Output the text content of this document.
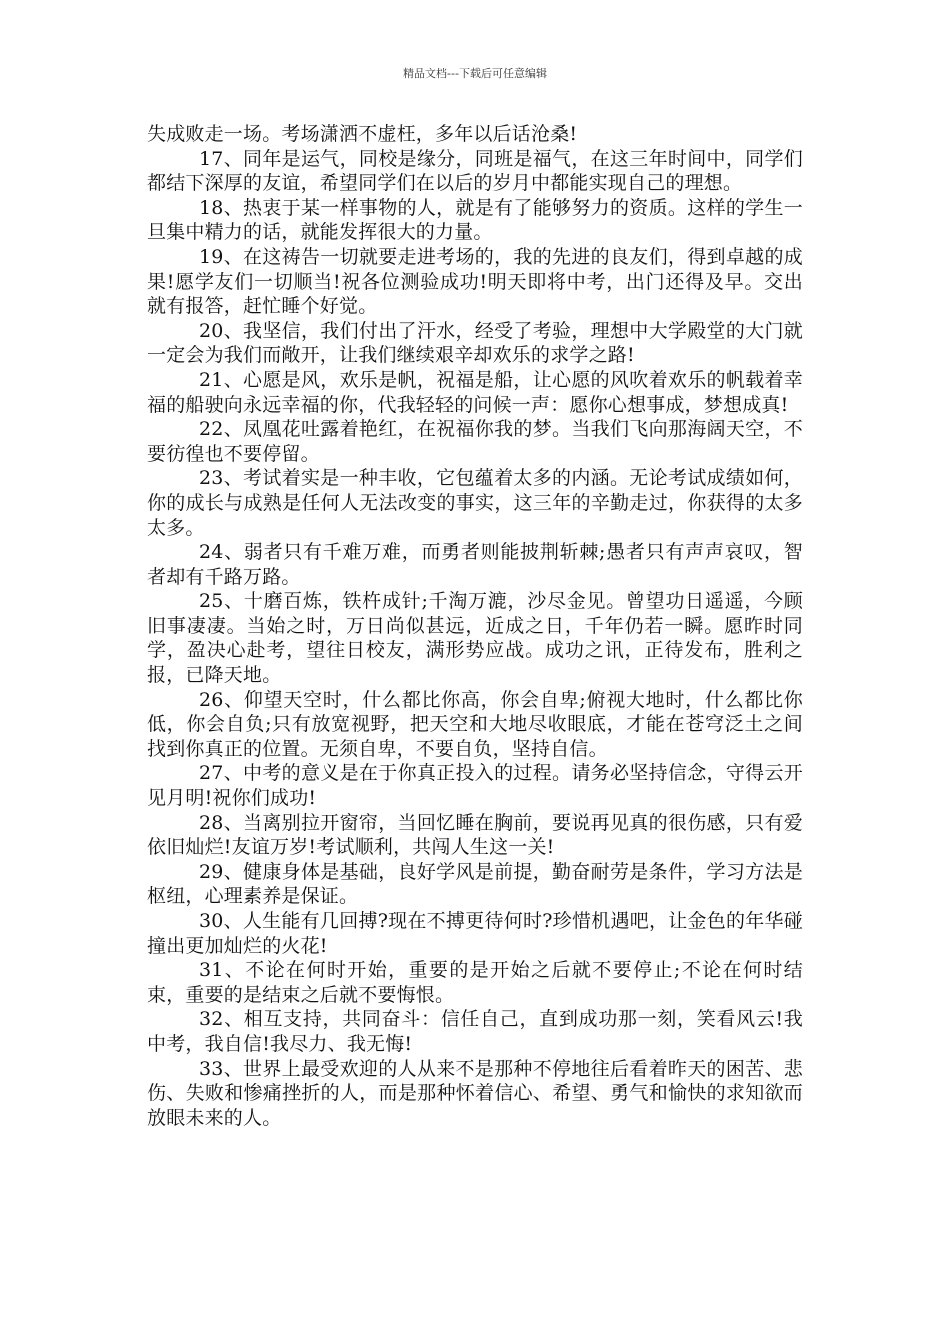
精品文档---下载后可任意编辑

失成败走一场。考场潇洒不虚枉，多年以后话沧桑!

17、同年是运气，同校是缘分，同班是福气，在这三年时间中，同学们都结下深厚的友谊，希望同学们在以后的岁月中都能实现自己的理想。

18、热衷于某一样事物的人，就是有了能够努力的资质。这样的学生一旦集中精力的话，就能发挥很大的力量。

19、在这祷告一切就要走进考场的，我的先进的良友们，得到卓越的成果!愿学友们一切顺当!祝各位测验成功!明天即将中考，出门还得及早。交出就有报答，赶忙睡个好觉。

20、我坚信，我们付出了汗水，经受了考验，理想中大学殿堂的大门就一定会为我们而敞开，让我们继续艰辛却欢乐的求学之路!

21、心愿是风，欢乐是帆，祝福是船，让心愿的风吹着欢乐的帆载着幸福的船驶向永远幸福的你，代我轻轻的问候一声：愿你心想事成，梦想成真!

22、凤凰花吐露着艳红，在祝福你我的梦。当我们飞向那海阔天空，不要彷徨也不要停留。

23、考试着实是一种丰收，它包蕴着太多的内涵。无论考试成绩如何，你的成长与成熟是任何人无法改变的事实，这三年的辛勤走过，你获得的太多太多。

24、弱者只有千难万难，而勇者则能披荆斩棘;愚者只有声声哀叹，智者却有千路万路。

25、十磨百炼，铁杵成针;千淘万漉，沙尽金见。曾望功日遥遥，今顾旧事凄凄。当始之时，万日尚似甚远，近成之日，千年仍若一瞬。愿昨时同学，盈决心赴考，望往日校友，满形势应战。成功之讯，正待发布，胜利之报，已降天地。

26、仰望天空时，什么都比你高，你会自卑;俯视大地时，什么都比你低，你会自负;只有放宽视野，把天空和大地尽收眼底，才能在苍穹泛土之间找到你真正的位置。无须自卑，不要自负，坚持自信。

27、中考的意义是在于你真正投入的过程。请务必坚持信念，守得云开见月明!祝你们成功!

28、当离别拉开窗帘，当回忆睡在胸前，要说再见真的很伤感，只有爱依旧灿烂!友谊万岁!考试顺利，共闯人生这一关!

29、健康身体是基础，良好学风是前提，勤奋耐劳是条件，学习方法是枢纽，心理素养是保证。

30、人生能有几回搏?现在不搏更待何时?珍惜机遇吧，让金色的年华碰撞出更加灿烂的火花!

31、不论在何时开始，重要的是开始之后就不要停止;不论在何时结束，重要的是结束之后就不要悔恨。

32、相互支持，共同奋斗：信任自己，直到成功那一刻，笑看风云!我中考，我自信!我尽力、我无悔!

33、世界上最受欢迎的人从来不是那种不停地往后看着昨天的困苦、悲伤、失败和惨痛挫折的人，而是那种怀着信心、希望、勇气和愉快的求知欲而放眼未来的人。
